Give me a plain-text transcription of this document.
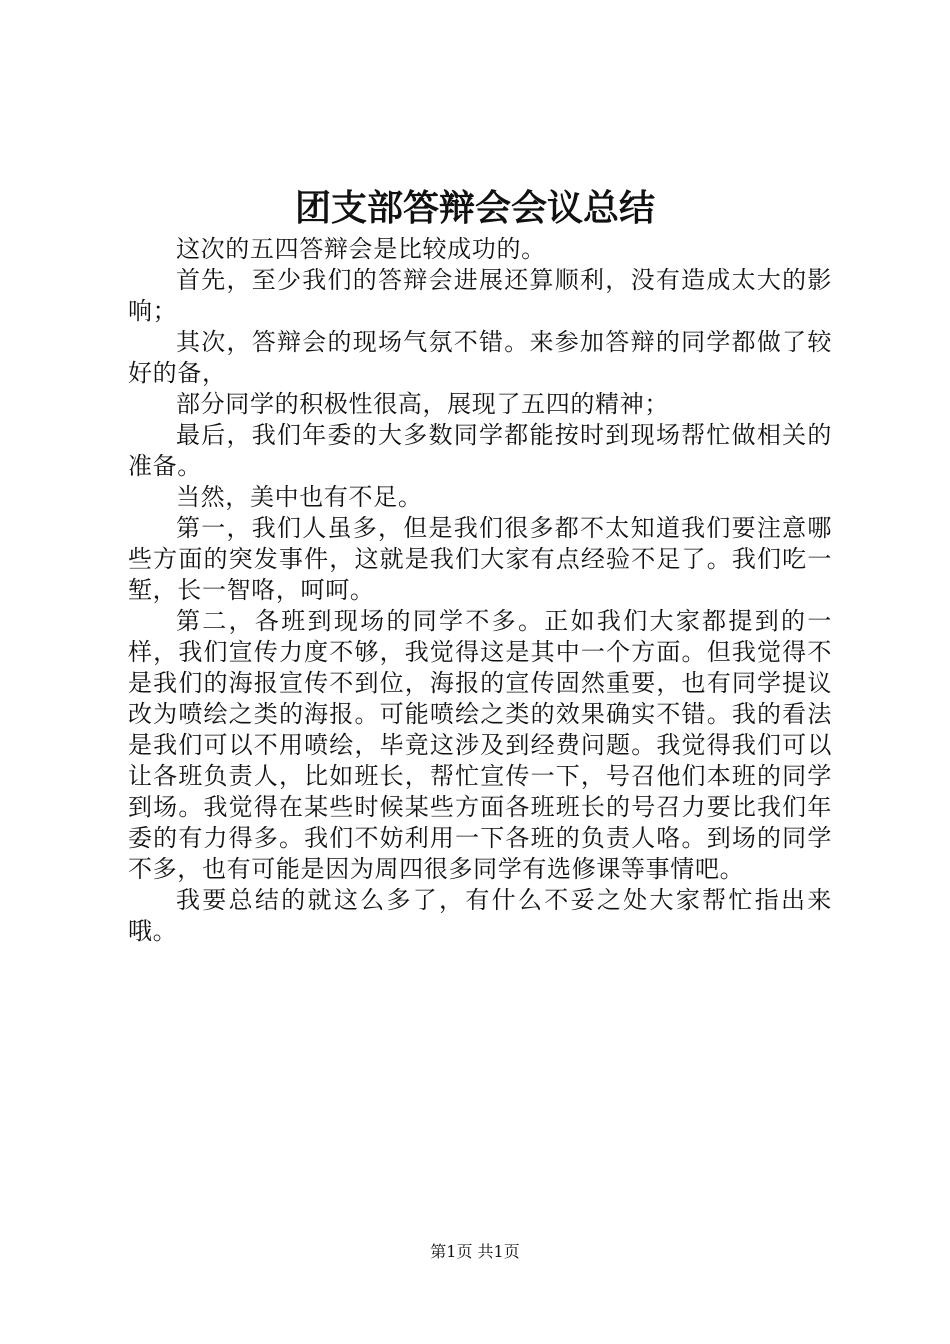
团支部答辩会会议总结

这次的五四答辩会是比较成功的。

首先，至少我们的答辩会进展还算顺利，没有造成太大的影响；

其次，答辩会的现场气氛不错。来参加答辩的同学都做了较好的备，

部分同学的积极性很高，展现了五四的精神；

最后，我们年委的大多数同学都能按时到现场帮忙做相关的准备。

当然，美中也有不足。

第一，我们人虽多，但是我们很多都不太知道我们要注意哪些方面的突发事件，这就是我们大家有点经验不足了。我们吃一堑，长一智咯，呵呵。

第二，各班到现场的同学不多。正如我们大家都提到的一样，我们宣传力度不够，我觉得这是其中一个方面。但我觉得不是我们的海报宣传不到位，海报的宣传固然重要，也有同学提议改为喷绘之类的海报。可能喷绘之类的效果确实不错。我的看法是我们可以不用喷绘，毕竟这涉及到经费问题。我觉得我们可以让各班负责人，比如班长，帮忙宣传一下，号召他们本班的同学到场。我觉得在某些时候某些方面各班班长的号召力要比我们年委的有力得多。我们不妨利用一下各班的负责人咯。到场的同学不多，也有可能是因为周四很多同学有选修课等事情吧。

我要总结的就这么多了，有什么不妥之处大家帮忙指出来哦。

第1页 共1页
